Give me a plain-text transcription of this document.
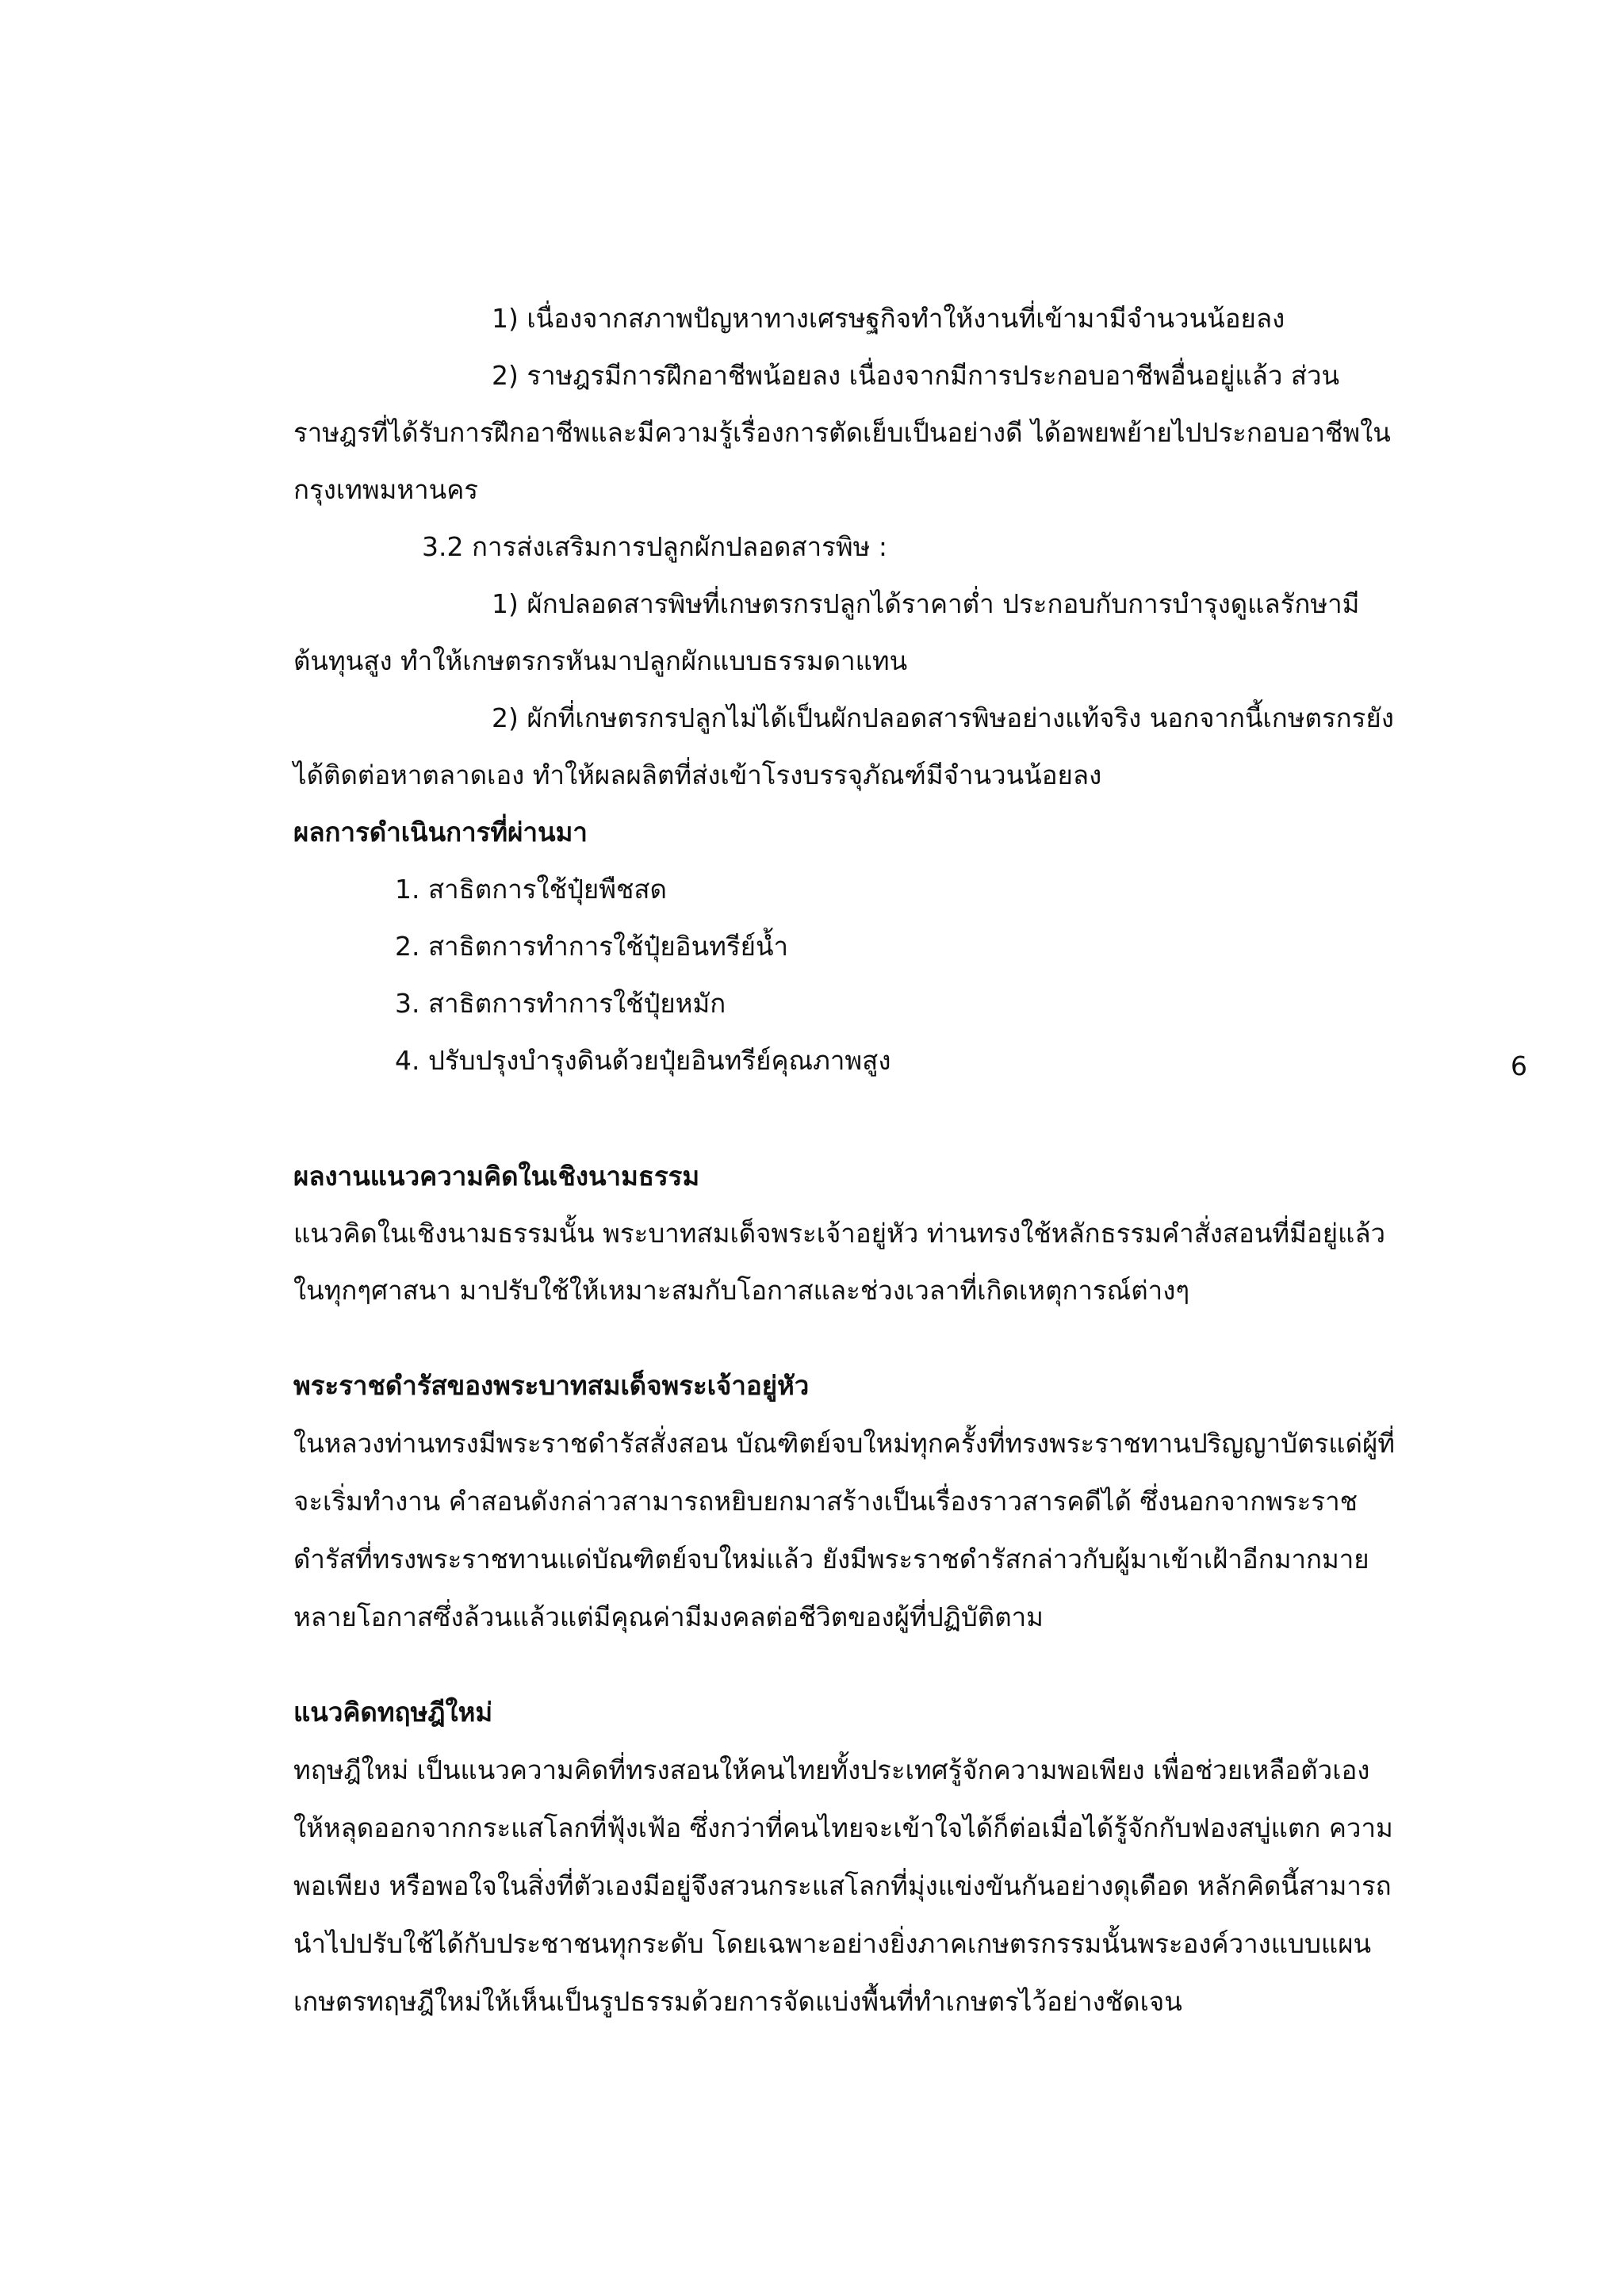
1) เนื่องจากสภาพปัญหาทางเศรษฐกิจทำให้งานที่เข้ามามีจำนวนน้อยลง
2) ราษฎรมีการฝึกอาชีพน้อยลง เนื่องจากมีการประกอบอาชีพอื่นอยู่แล้ว ส่วน
ราษฎรที่ได้รับการฝึกอาชีพและมีความรู้เรื่องการตัดเย็บเป็นอย่างดี ได้อพยพย้ายไปประกอบอาชีพใน
กรุงเทพมหานคร
3.2 การส่งเสริมการปลูกผักปลอดสารพิษ :
1) ผักปลอดสารพิษที่เกษตรกรปลูกได้ราคาต่ำ ประกอบกับการบำรุงดูแลรักษามี
ต้นทุนสูง ทำให้เกษตรกรหันมาปลูกผักแบบธรรมดาแทน
2) ผักที่เกษตรกรปลูกไม่ได้เป็นผักปลอดสารพิษอย่างแท้จริง นอกจากนี้เกษตรกรยัง
ได้ติดต่อหาตลาดเอง ทำให้ผลผลิตที่ส่งเข้าโรงบรรจุภัณฑ์มีจำนวนน้อยลง
ผลการดำเนินการที่ผ่านมา
1. สาธิตการใช้ปุ๋ยพืชสด
2. สาธิตการทำการใช้ปุ๋ยอินทรีย์น้ำ
3. สาธิตการทำการใช้ปุ๋ยหมัก
4. ปรับปรุงบำรุงดินด้วยปุ๋ยอินทรีย์คุณภาพสูง	6
ผลงานแนวความคิดในเชิงนามธรรม
แนวคิดในเชิงนามธรรมนั้น พระบาทสมเด็จพระเจ้าอยู่หัว ท่านทรงใช้หลักธรรมคำสั่งสอนที่มีอยู่แล้ว
ในทุกๆศาสนา มาปรับใช้ให้เหมาะสมกับโอกาสและช่วงเวลาที่เกิดเหตุการณ์ต่างๆ
พระราชดำรัสของพระบาทสมเด็จพระเจ้าอยู่หัว
ในหลวงท่านทรงมีพระราชดำรัสสั่งสอน บัณฑิตย์จบใหม่ทุกครั้งที่ทรงพระราชทานปริญญาบัตรแด่ผู้ที่
จะเริ่มทำงาน คำสอนดังกล่าวสามารถหยิบยกมาสร้างเป็นเรื่องราวสารคดีได้ ซึ่งนอกจากพระราช
ดำรัสที่ทรงพระราชทานแด่บัณฑิตย์จบใหม่แล้ว ยังมีพระราชดำรัสกล่าวกับผู้มาเข้าเฝ้าอีกมากมาย
หลายโอกาสซึ่งล้วนแล้วแต่มีคุณค่ามีมงคลต่อชีวิตของผู้ที่ปฏิบัติตาม
แนวคิดทฤษฎีใหม่
ทฤษฎีใหม่ เป็นแนวความคิดที่ทรงสอนให้คนไทยทั้งประเทศรู้จักความพอเพียง เพื่อช่วยเหลือตัวเอง
ให้หลุดออกจากกระแสโลกที่ฟุ้งเฟ้อ ซึ่งกว่าที่คนไทยจะเข้าใจได้ก็ต่อเมื่อได้รู้จักกับฟองสบู่แตก ความ
พอเพียง หรือพอใจในสิ่งที่ตัวเองมีอยู่จึงสวนกระแสโลกที่มุ่งแข่งขันกันอย่างดุเดือด หลักคิดนี้สามารถ
นำไปปรับใช้ได้กับประชาชนทุกระดับ โดยเฉพาะอย่างยิ่งภาคเกษตรกรรมนั้นพระองค์วางแบบแผน
เกษตรทฤษฎีใหม่ให้เห็นเป็นรูปธรรมด้วยการจัดแบ่งพื้นที่ทำเกษตรไว้อย่างชัดเจน
